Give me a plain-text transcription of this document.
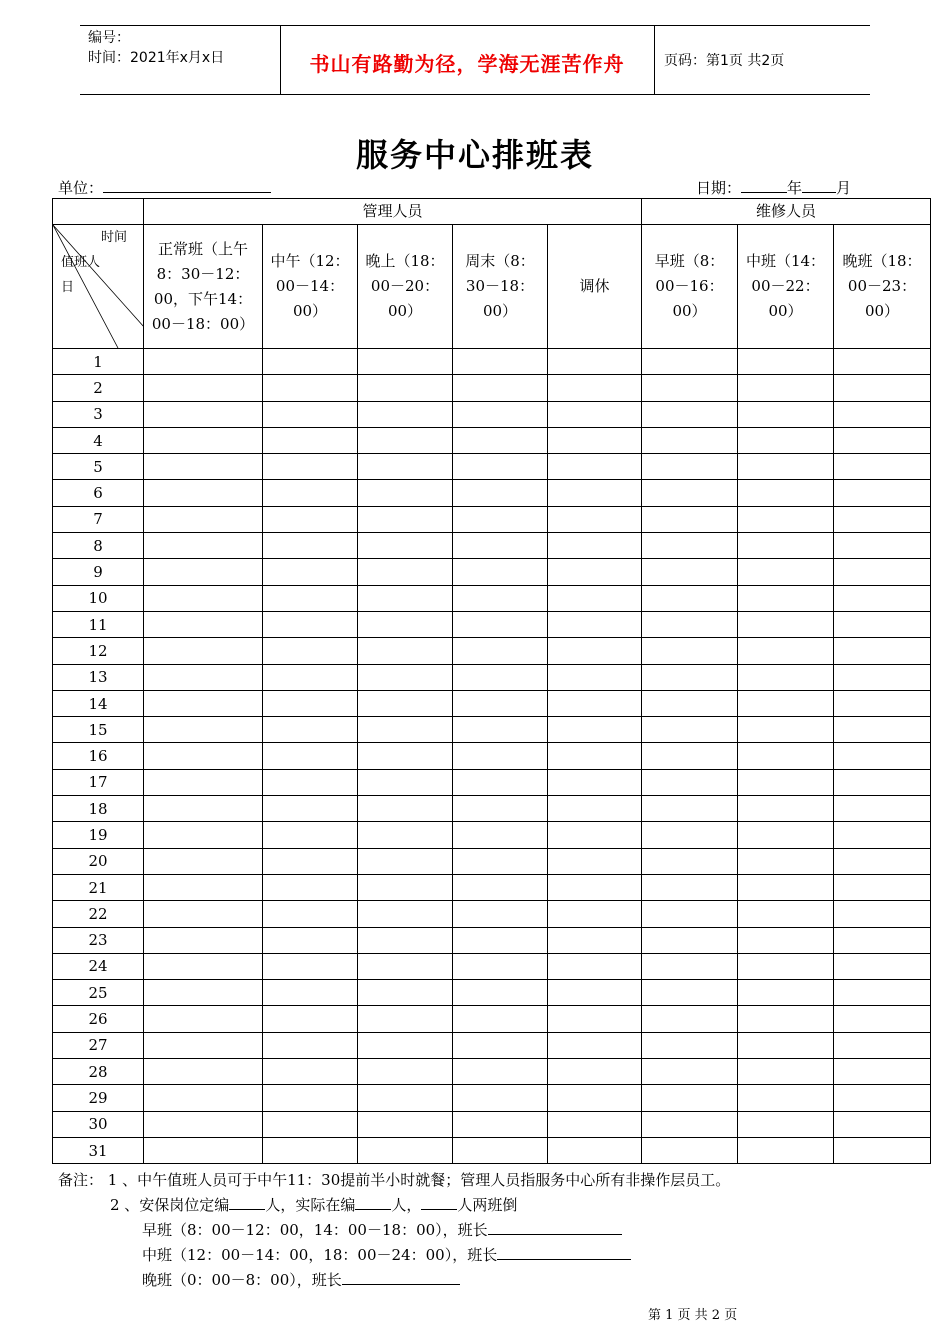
编号：
时间：2021年x月x日	书山有路勤为径，学海无涯苦作舟	页码：第1页 共2页
服务中心排班表
单位：	日期：	年 月
	管理人员					维修人员		

时间
值班人
日	正常班（上午8：30－12：00，下午14：00－18：00）	中午（12：00－14：00）	晚上（18：00－20：00）	周末（8：30－18：00）	调休	早班（8：00－16：00）	中班（14：00－22：00）	晚班（18：00－23：00）
1								
2								
3								
4								
5								
6								
7								
8								
9								
10								
11								
12								
13								
14								
15								
16								
17								
18								
19								
20								
21								
22								
23								
24								
25								
26								
27								
28								
29								
30								
31								
备注： 1 、中午值班人员可于中午11：30提前半小时就餐；管理人员指服务中心所有非操作层员工。
2 、安保岗位定编 人，实际在编 人， 人两班倒
早班（8：00－12：00，14：00－18：00），班长
中班（12：00－14：00，18：00－24：00），班长
晚班（0：00－8：00），班长
第 1 页 共 2 页
